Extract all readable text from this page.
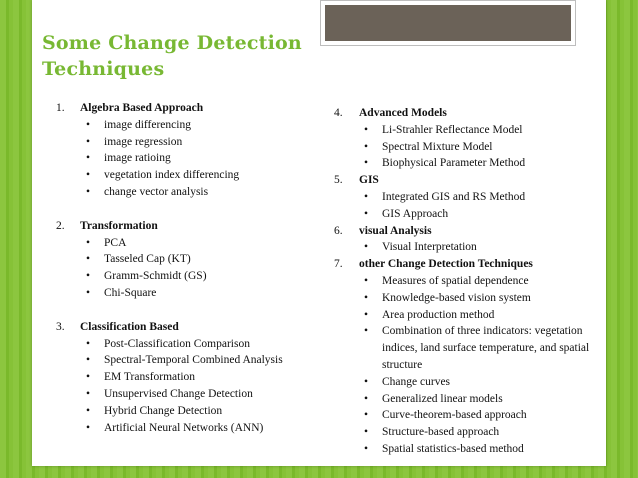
Some Change Detection Techniques
1.	Algebra Based Approach
•	image differencing
•	image regression
•	image ratioing
•	vegetation index differencing
•	change vector analysis
2.	Transformation
•	PCA
•	Tasseled Cap (KT)
•	Gramm-Schmidt (GS)
•	Chi-Square
3.	Classification Based
•	Post-Classification Comparison
•	Spectral-Temporal Combined Analysis
•	EM Transformation
•	Unsupervised Change Detection
•	Hybrid Change Detection
•	Artificial Neural Networks (ANN)
4.	Advanced Models
•	Li-Strahler Reflectance Model
•	Spectral Mixture Model
•	Biophysical Parameter Method
5.	GIS
•	Integrated GIS and RS Method
•	GIS Approach
6.	visual Analysis
•	Visual Interpretation
7.	other Change Detection Techniques
•	Measures of spatial dependence
•	Knowledge-based vision system
•	Area production method
•	Combination of three indicators: vegetation indices, land surface temperature, and spatial structure
•	Change curves
•	Generalized linear models
•	Curve-theorem-based approach
•	Structure-based approach
•	Spatial statistics-based method
